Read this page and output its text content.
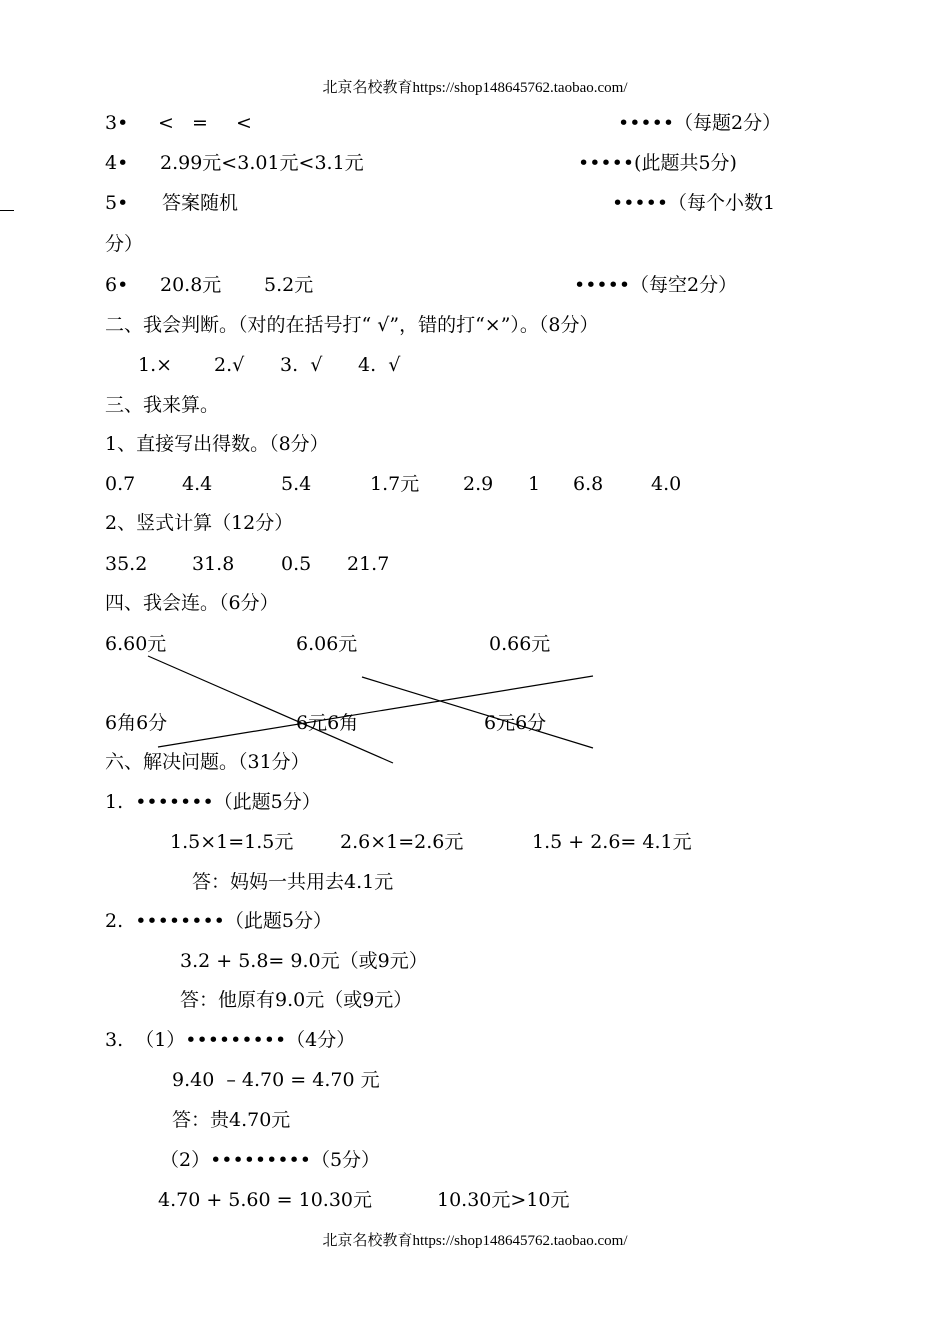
北京名校教育https://shop148645762.taobao.com/
3• < = <	•••••（每题2分）
4• 2.99元<3.01元<3.1元	•••••(此题共5分)
5• 答案随机	•••••（每个小数1
分）
6• 20.8元 5.2元	•••••（每空2分）
二、我会判断。（对的在括号打“ √”，错的打“×”）。（8分）
1.× 2.√ 3.  √ 4.  √
三、我来算。
1、直接写出得数。（8分）
0.7 4.4	5.4	1.7元 2.9 1 6.8	4.0
2、竖式计算（12分）
35.2 31.8 0.5 21.7
四、我会连。（6分）
6.60元	6.06元	0.66元
6角6分	6元6角	6元6分
六、解决问题。（31分）
1.  •••••••（此题5分）
1.5×1=1.5元 2.6×1=2.6元	1.5 + 2.6= 4.1元
答：妈妈一共用去4.1元
2.  ••••••••（此题5分）
3.2 + 5.8= 9.0元（或9元）
答：他原有9.0元（或9元）
3.  （1）•••••••••（4分）
9.40  – 4.70 = 4.70 元
答：贵4.70元
（2）•••••••••（5分）
4.70 + 5.60 = 10.30元	10.30元>10元
北京名校教育https://shop148645762.taobao.com/
